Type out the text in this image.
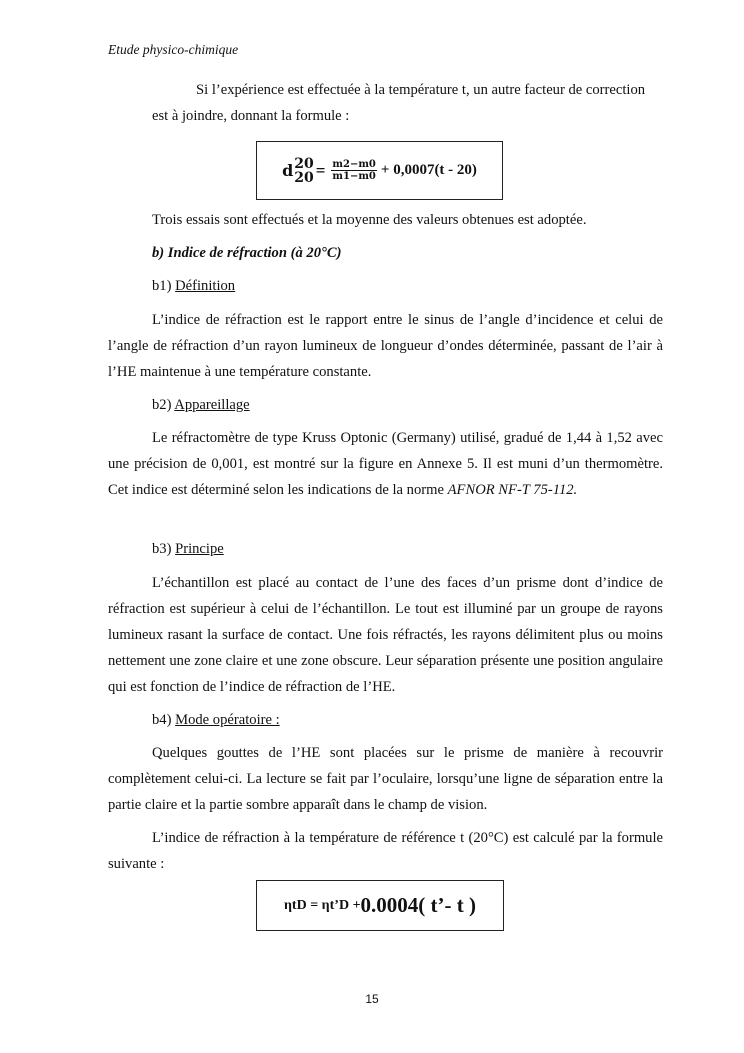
Etude physico-chimique
Si l’expérience est effectuée à la température t, un autre facteur de correction
est à joindre, donnant la formule :
d 20
$20 = \frac{m2-m0}{m1-m0} + 0,0007(t - 20)$
Trois essais sont effectués et la moyenne des valeurs obtenues est adoptée.
b) Indice de réfraction (à 20°C)
b1) Définition
L’indice de réfraction est le rapport entre le sinus de l’angle d’incidence et celui de l’angle de réfraction d’un rayon lumineux de longueur d’ondes déterminée, passant de l’air à l’HE maintenue à une température constante.
b2) Appareillage
Le réfractomètre de type Kruss Optonic (Germany) utilisé, gradué de 1,44 à 1,52 avec une précision de 0,001, est montré sur la figure en Annexe 5. Il est muni d’un thermomètre. Cet indice est déterminé selon les indications de la norme AFNOR NF-T 75-112.
b3) Principe
L’échantillon est placé au contact de l’une des faces d’un prisme dont d’indice de réfraction est supérieur à celui de l’échantillon. Le tout est illuminé par un groupe de rayons lumineux rasant la surface de contact. Une fois réfractés, les rayons délimitent plus ou moins nettement une zone claire et une zone obscure. Leur séparation présente une position angulaire qui est fonction de l’indice de réfraction de l’HE.
b4) Mode opératoire :
Quelques gouttes de l’HE sont placées sur le prisme de manière à recouvrir complètement celui-ci. La lecture se fait par l’oculaire, lorsqu’une ligne de séparation entre la partie claire et la partie sombre apparaît dans le champ de vision.
L’indice de réfraction à la température de référence t (20°C) est calculé par la formule suivante :
ηtD = ηt’D + 0.0004( t’- t )
15
